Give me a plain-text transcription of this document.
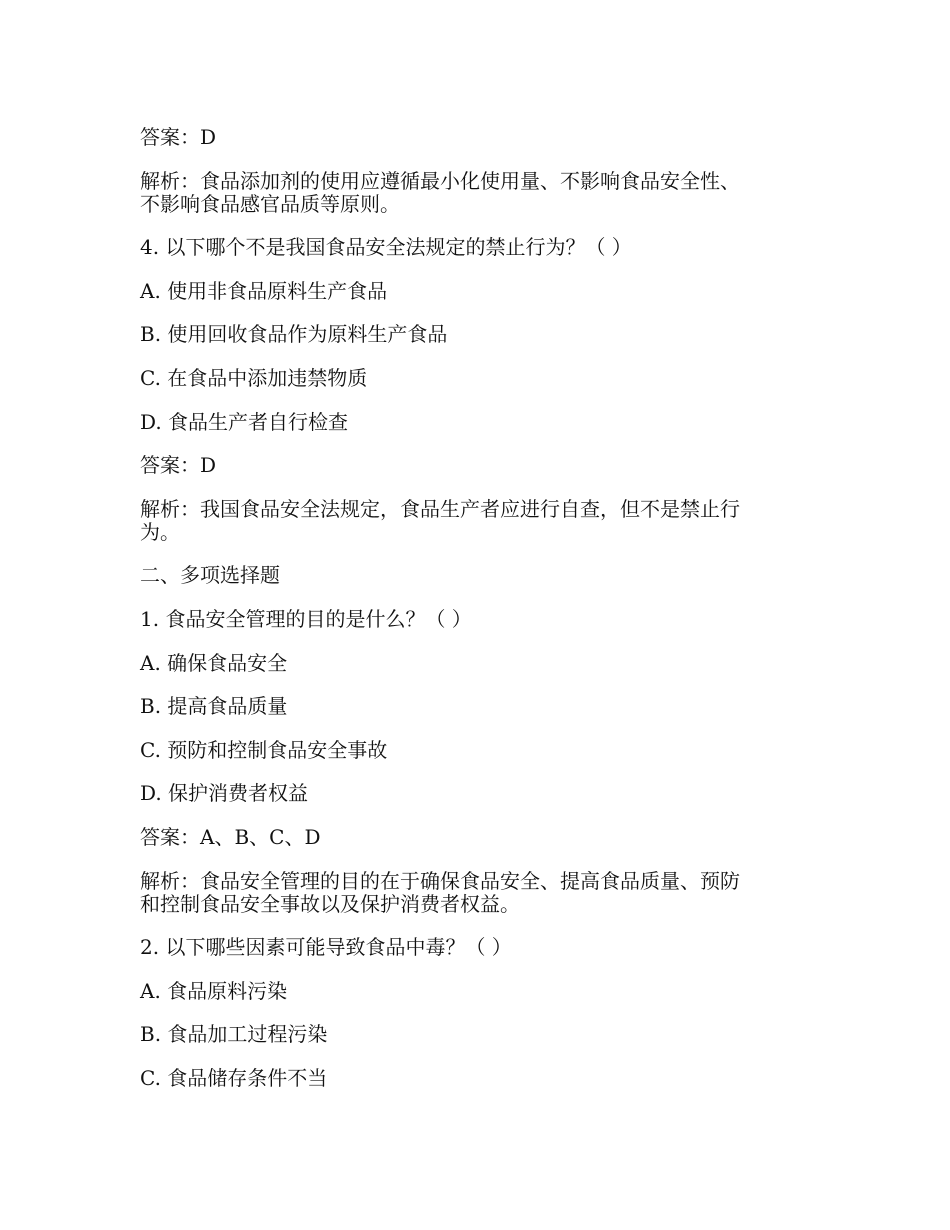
答案：D

解析：食品添加剂的使用应遵循最小化使用量、不影响食品安全性、

不影响食品感官品质等原则。

4. 以下哪个不是我国食品安全法规定的禁止行为？（ ）

A. 使用非食品原料生产食品

B. 使用回收食品作为原料生产食品

C. 在食品中添加违禁物质

D. 食品生产者自行检查

答案：D

解析：我国食品安全法规定，食品生产者应进行自查，但不是禁止行

为。

二、多项选择题

1. 食品安全管理的目的是什么？（ ）

A. 确保食品安全

B. 提高食品质量

C. 预防和控制食品安全事故

D. 保护消费者权益

答案：A、B、C、D

解析：食品安全管理的目的在于确保食品安全、提高食品质量、预防

和控制食品安全事故以及保护消费者权益。

2. 以下哪些因素可能导致食品中毒？（ ）

A. 食品原料污染

B. 食品加工过程污染

C. 食品储存条件不当
